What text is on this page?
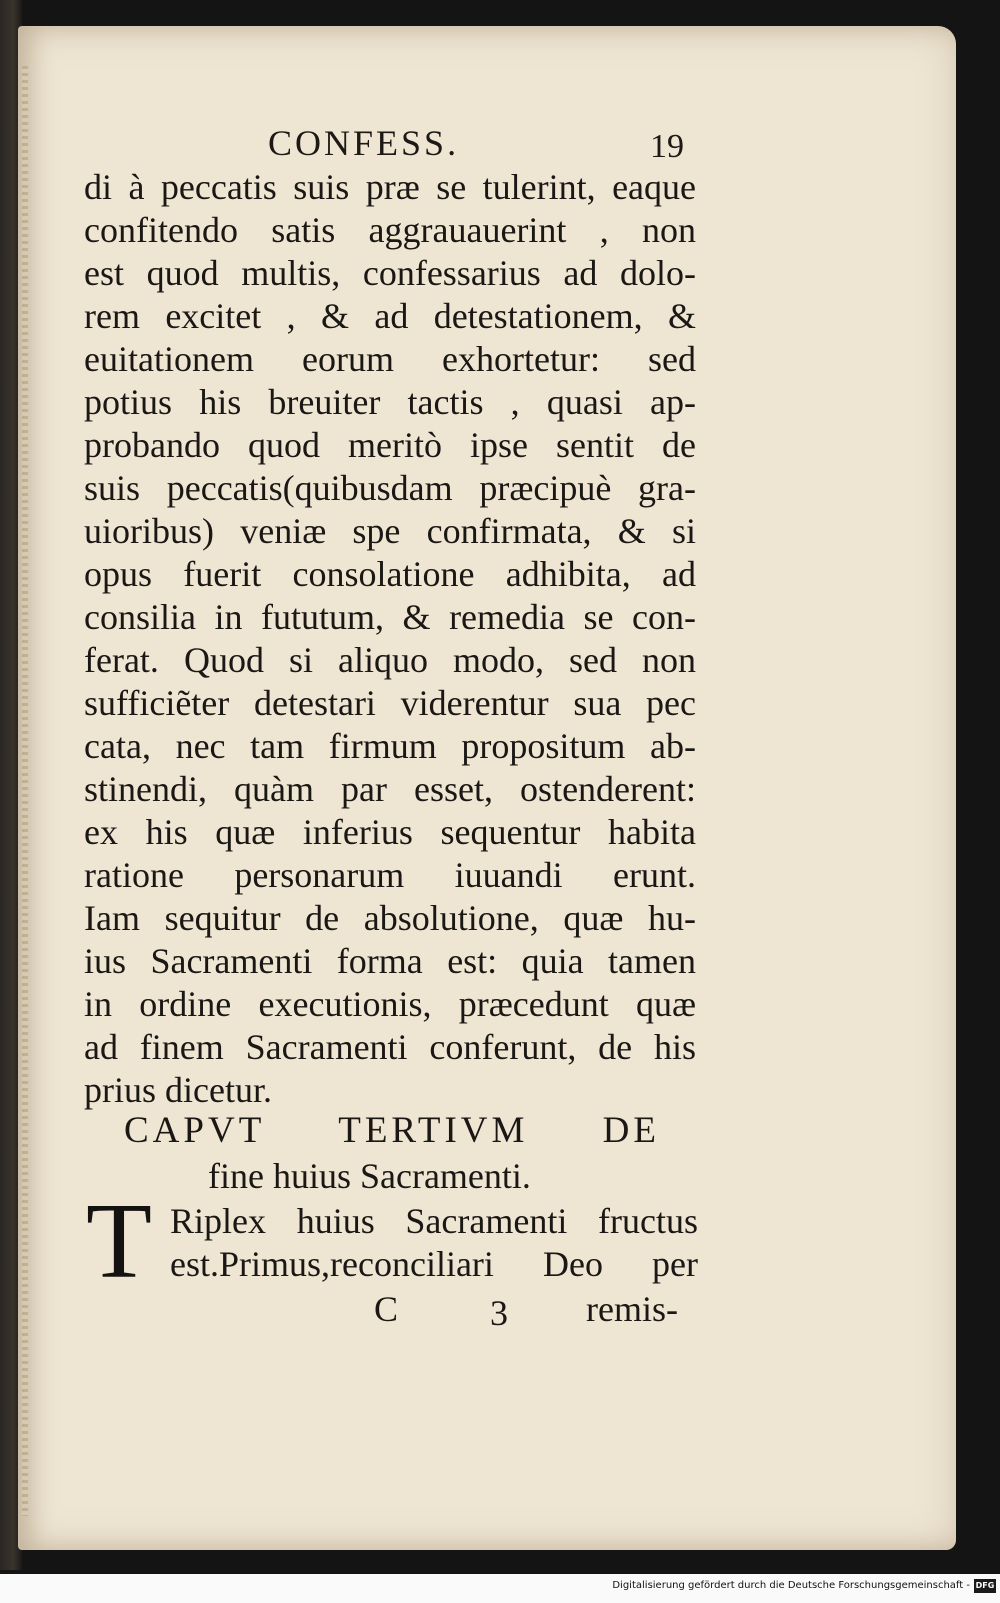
CONFESS.	19
di à peccatis suis præ se tulerint, eaque
confitendo satis aggrauauerint , non
est quod multis, confessarius ad dolo-
rem excitet , & ad detestationem, &
euitationem eorum exhortetur: sed
potius his breuiter tactis , quasi ap-
probando quod meritò ipse sentit de
suis peccatis(quibusdam præcipuè gra-
uioribus) veniæ spe confirmata, & si
opus fuerit consolatione adhibita, ad
consilia in fututum, & remedia se con-
ferat. Quod si aliquo modo, sed non
sufficiẽter detestari viderentur sua pec
cata, nec tam firmum propositum ab-
stinendi, quàm par esset, ostenderent:
ex his quæ inferius sequentur habita
ratione personarum iuuandi erunt.
Iam sequitur de absolutione, quæ hu-
ius Sacramenti forma est: quia tamen
in ordine executionis, præcedunt quæ
ad finem Sacramenti conferunt, de his
prius dicetur.
CAPVT TERTIVM DE
fine huius Sacramenti.
T Riplex huius Sacramenti fructus
est.Primus,reconciliari Deo per
C	3 remis-
Digitalisierung gefördert durch die Deutsche Forschungsgemeinschaft - DFG
